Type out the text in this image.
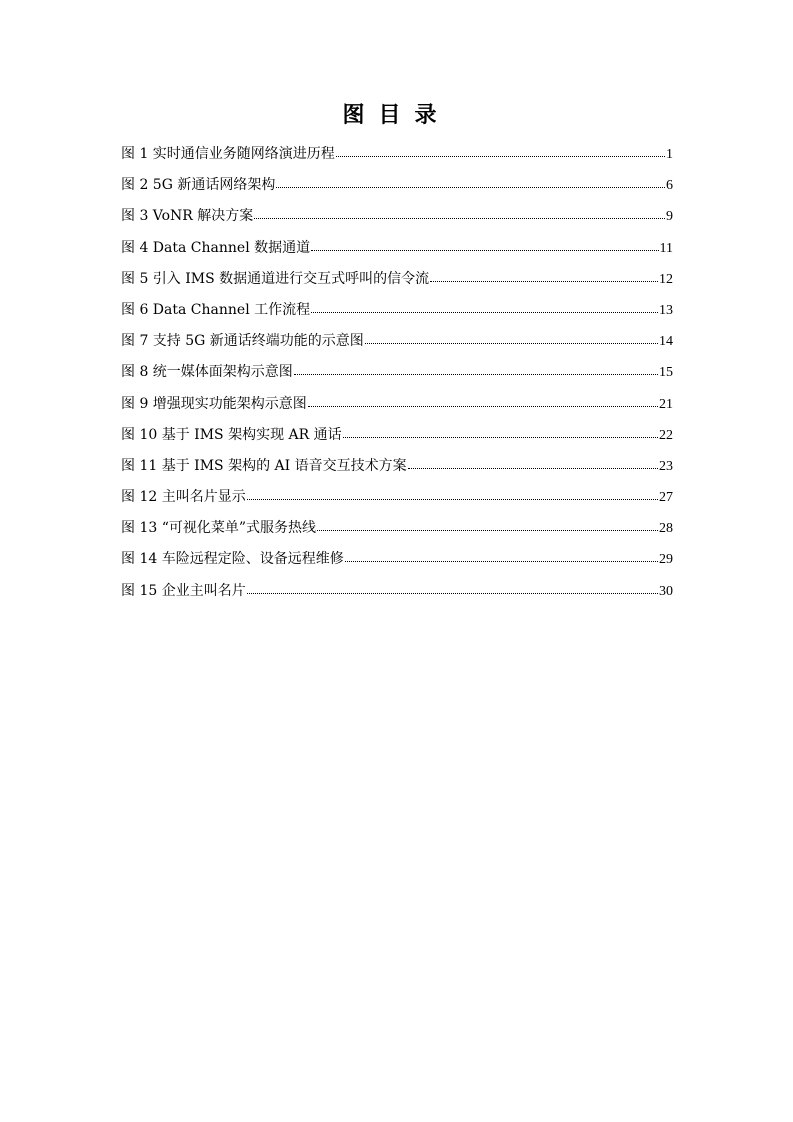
图目录
图 1 实时通信业务随网络演进历程	1
图 2 5G 新通话网络架构	6
图 3 VoNR 解决方案	9
图 4 Data Channel 数据通道	11
图 5 引入 IMS 数据通道进行交互式呼叫的信令流	12
图 6 Data Channel 工作流程	13
图 7 支持 5G 新通话终端功能的示意图	14
图 8 统一媒体面架构示意图	15
图 9 增强现实功能架构示意图	21
图 10 基于 IMS 架构实现 AR 通话	22
图 11 基于 IMS 架构的 AI 语音交互技术方案	23
图 12 主叫名片显示	27
图 13 “可视化菜单”式服务热线	28
图 14 车险远程定险、设备远程维修	29
图 15 企业主叫名片	30
